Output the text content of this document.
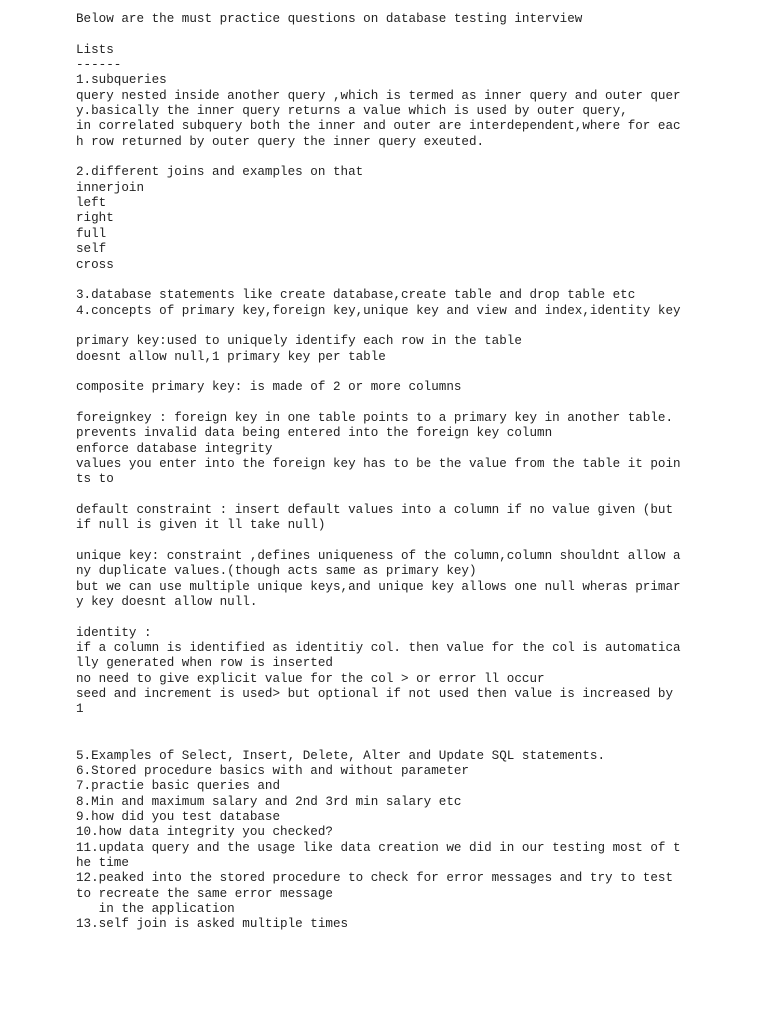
Below are the must practice questions on database testing interview
Lists
------
1.subqueries
query nested inside another query ,which is termed as inner query and outer quer
y.basically the inner query returns a value which is used by outer query,
in correlated subquery both the inner and outer are interdependent,where for eac
h row returned by outer query the inner query exeuted.
2.different joins and examples on that
innerjoin
left
right
full
self
cross
3.database statements like create database,create table and drop table etc
4.concepts of primary key,foreign key,unique key and view and index,identity key
primary key:used to uniquely identify each row in the table
doesnt allow null,1 primary key per table
composite primary key: is made of 2 or more columns
foreignkey : foreign key in one table points to a primary key in another table.
prevents invalid data being entered into the foreign key column
enforce database integrity
values you enter into the foreign key has to be the value from the table it poin
ts to
default constraint : insert default values into a column if no value given (but
if null is given it ll take null)
unique key: constraint ,defines uniqueness of the column,column shouldnt allow a
ny duplicate values.(though acts same as primary key)
but we can use multiple unique keys,and unique key allows one null wheras primar
y key doesnt allow null.
identity :
if a column is identified as identitiy col. then value for the col is automatica
lly generated when row is inserted
no need to give explicit value for the col > or error ll occur
seed and increment is used> but optional if not used then value is increased by
1
5.Examples of Select, Insert, Delete, Alter and Update SQL statements.
6.Stored procedure basics with and without parameter
7.practie basic queries and
8.Min and maximum salary and 2nd 3rd min salary etc
9.how did you test database
10.how data integrity you checked?
11.updata query and the usage like data creation we did in our testing most of t
he time
12.peaked into the stored procedure to check for error messages and try to test
to recreate the same error message
in the application
13.self join is asked multiple times
